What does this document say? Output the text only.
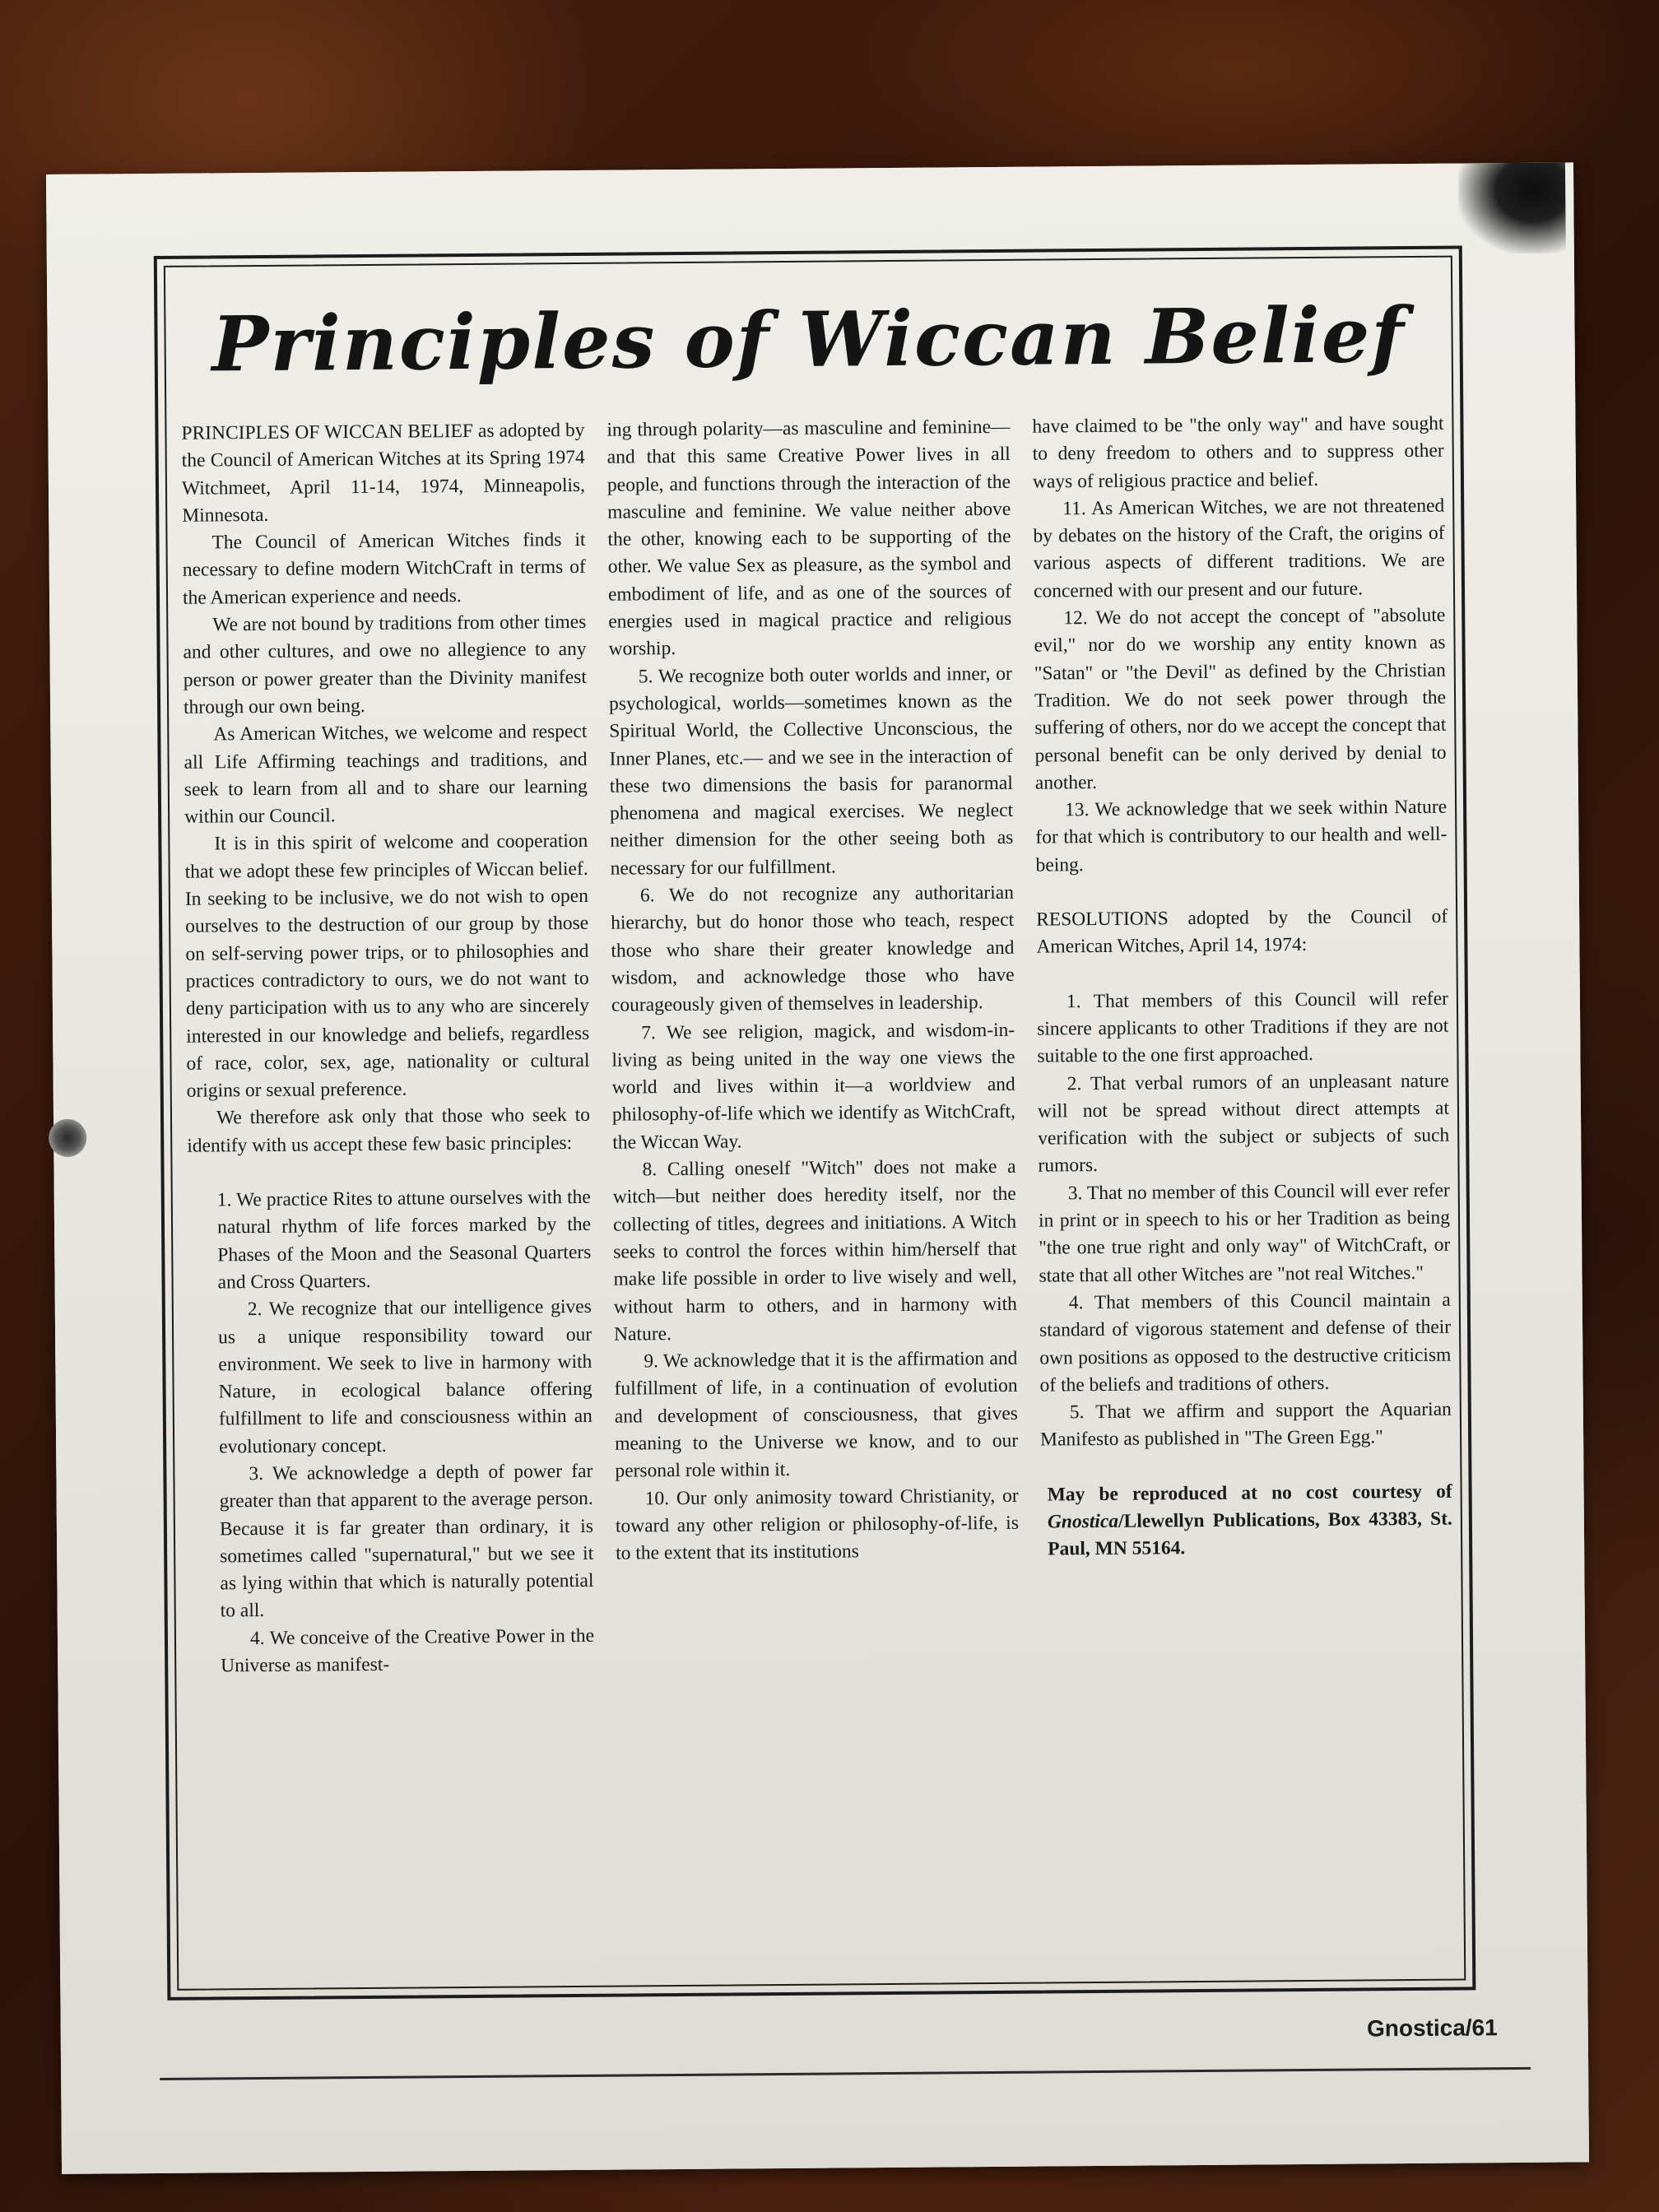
Principles of Wiccan Belief

PRINCIPLES OF WICCAN BELIEF as adopted by the Council of American Witches at its Spring 1974 Witchmeet, April 11-14, 1974, Minneapolis, Minnesota.

The Council of American Witches finds it necessary to define modern WitchCraft in terms of the American experience and needs.

We are not bound by traditions from other times and other cultures, and owe no allegience to any person or power greater than the Divinity manifest through our own being.

As American Witches, we welcome and respect all Life Affirming teachings and traditions, and seek to learn from all and to share our learning within our Council.

It is in this spirit of welcome and cooperation that we adopt these few principles of Wiccan belief. In seeking to be inclusive, we do not wish to open ourselves to the destruction of our group by those on self-serving power trips, or to philosophies and practices contradictory to ours, we do not want to deny participation with us to any who are sincerely interested in our knowledge and beliefs, regardless of race, color, sex, age, nationality or cultural origins or sexual preference.

We therefore ask only that those who seek to identify with us accept these few basic principles:

1. We practice Rites to attune ourselves with the natural rhythm of life forces marked by the Phases of the Moon and the Seasonal Quarters and Cross Quarters.

2. We recognize that our intelligence gives us a unique responsibility toward our environment. We seek to live in harmony with Nature, in ecological balance offering fulfillment to life and consciousness within an evolutionary concept.

3. We acknowledge a depth of power far greater than that apparent to the average person. Because it is far greater than ordinary, it is sometimes called "supernatural," but we see it as lying within that which is naturally potential to all.

4. We conceive of the Creative Power in the Universe as manifest-

ing through polarity—as masculine and feminine—and that this same Creative Power lives in all people, and functions through the interaction of the masculine and feminine. We value neither above the other, knowing each to be supporting of the other. We value Sex as pleasure, as the symbol and embodiment of life, and as one of the sources of energies used in magical practice and religious worship.

5. We recognize both outer worlds and inner, or psychological, worlds—sometimes known as the Spiritual World, the Collective Unconscious, the Inner Planes, etc.— and we see in the interaction of these two dimensions the basis for paranormal phenomena and magical exercises. We neglect neither dimension for the other seeing both as necessary for our fulfillment.

6. We do not recognize any authoritarian hierarchy, but do honor those who teach, respect those who share their greater knowledge and wisdom, and acknowledge those who have courageously given of themselves in leadership.

7. We see religion, magick, and wisdom-in-living as being united in the way one views the world and lives within it—a worldview and philosophy-of-life which we identify as WitchCraft, the Wiccan Way.

8. Calling oneself "Witch" does not make a witch—but neither does heredity itself, nor the collecting of titles, degrees and initiations. A Witch seeks to control the forces within him/herself that make life possible in order to live wisely and well, without harm to others, and in harmony with Nature.

9. We acknowledge that it is the affirmation and fulfillment of life, in a continuation of evolution and development of consciousness, that gives meaning to the Universe we know, and to our personal role within it.

10. Our only animosity toward Christianity, or toward any other religion or philosophy-of-life, is to the extent that its institutions

have claimed to be "the only way" and have sought to deny freedom to others and to suppress other ways of religious practice and belief.

11. As American Witches, we are not threatened by debates on the history of the Craft, the origins of various aspects of different traditions. We are concerned with our present and our future.

12. We do not accept the concept of "absolute evil," nor do we worship any entity known as "Satan" or "the Devil" as defined by the Christian Tradition. We do not seek power through the suffering of others, nor do we accept the concept that personal benefit can be only derived by denial to another.

13. We acknowledge that we seek within Nature for that which is contributory to our health and well-being.

RESOLUTIONS adopted by the Council of American Witches, April 14, 1974:

1. That members of this Council will refer sincere applicants to other Traditions if they are not suitable to the one first approached.

2. That verbal rumors of an unpleasant nature will not be spread without direct attempts at verification with the subject or subjects of such rumors.

3. That no member of this Council will ever refer in print or in speech to his or her Tradition as being "the one true right and only way" of WitchCraft, or state that all other Witches are "not real Witches."

4. That members of this Council maintain a standard of vigorous statement and defense of their own positions as opposed to the destructive criticism of the beliefs and traditions of others.

5. That we affirm and support the Aquarian Manifesto as published in "The Green Egg."

May be reproduced at no cost courtesy of Gnostica/Llewellyn Publications, Box 43383, St. Paul, MN 55164.

Gnostica/61
